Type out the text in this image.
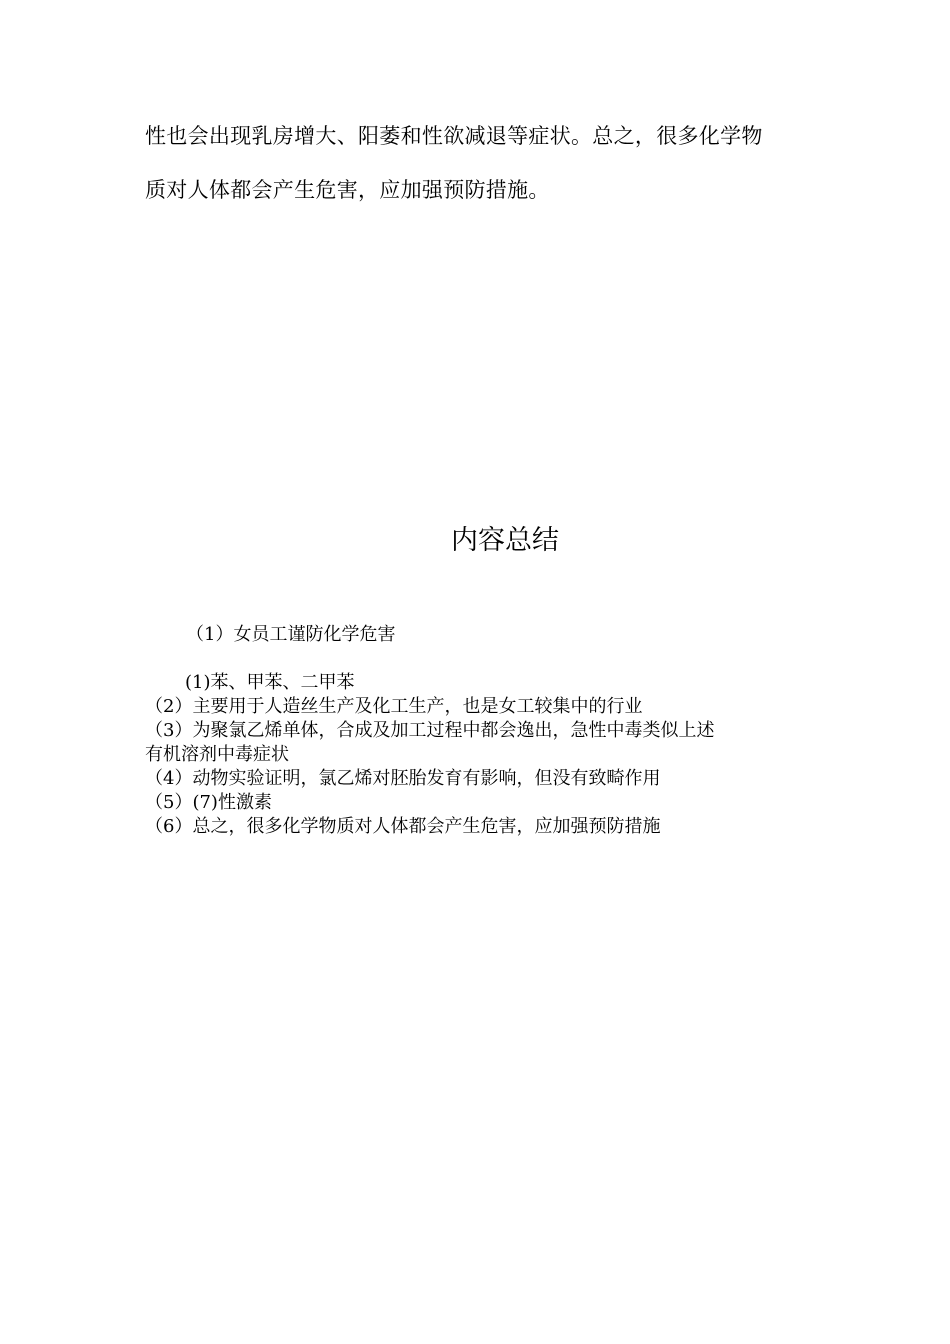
性也会出现乳房增大、阳萎和性欲减退等症状。总之，很多化学物
质对人体都会产生危害，应加强预防措施。
内容总结
（1）女员工谨防化学危害
(1)苯、甲苯、二甲苯
（2）主要用于人造丝生产及化工生产，也是女工较集中的行业
（3）为聚氯乙烯单体，合成及加工过程中都会逸出，急性中毒类似上述
有机溶剂中毒症状
（4）动物实验证明，氯乙烯对胚胎发育有影响，但没有致畸作用
（5）(7)性激素
（6）总之，很多化学物质对人体都会产生危害，应加强预防措施
